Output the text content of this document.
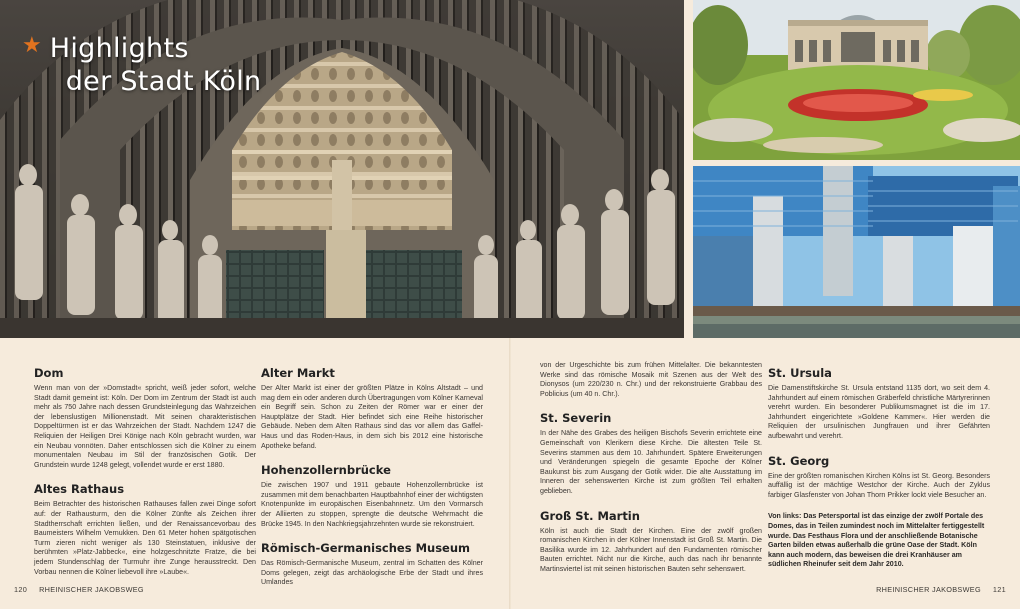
★ Highlights
der Stadt Köln
Dom

Wenn man von der »Domstadt« spricht, weiß jeder sofort, welche Stadt damit gemeint ist: Köln. Der Dom im Zentrum der Stadt ist auch mehr als 750 Jahre nach dessen Grundsteinlegung das Wahrzeichen der lebenslustigen Millionenstadt. Mit seinen charakteristischen Doppeltürmen ist er das Wahrzeichen der Stadt. Nachdem 1247 die Reliquien der Heiligen Drei Könige nach Köln gebracht wurden, war ein Neubau vonnöten. Daher entschlossen sich die Kölner zu einem monumentalen Neubau im Stil der französischen Gotik. Der Grundstein wurde 1248 gelegt, vollendet wurde er erst 1880.

Altes Rathaus

Beim Betrachter des historischen Rathauses fallen zwei Dinge sofort auf: der Rathausturm, den die Kölner Zünfte als Zeichen ihrer Stadtherrschaft errichten ließen, und der Renaissancevorbau des Baumeisters Wilhelm Vernukken. Den 61 Meter hohen spätgotischen Turm zieren nicht weniger als 130 Steinstatuen, inklusive der berühmten »Platz-Jabbeck«, eine holzgeschnitzte Fratze, die bei jedem Stundenschlag der Turmuhr ihre Zunge herausstreckt. Den Vorbau nennen die Kölner liebevoll ihre »Laube«.

Alter Markt

Der Alter Markt ist einer der größten Plätze in Kölns Altstadt – und mag dem ein oder anderen durch Übertragungen vom Kölner Karneval ein Begriff sein. Schon zu Zeiten der Römer war er einer der Hauptplätze der Stadt. Hier befindet sich eine Reihe historischer Gebäude. Neben dem Alten Rathaus sind das vor allem das Gaffel-Haus und das Roden-Haus, in dem sich bis 2012 eine historische Apotheke befand.

Hohenzollernbrücke

Die zwischen 1907 und 1911 gebaute Hohenzollernbrücke ist zusammen mit dem benachbarten Hauptbahnhof einer der wichtigsten Knotenpunkte im europäischen Eisenbahnnetz. Um den Vormarsch der Alliierten zu stoppen, sprengte die deutsche Wehrmacht die Brücke 1945. In den Nachkriegsjahrzehnten wurde sie rekonstruiert.

Römisch-Germanisches Museum

Das Römisch-Germanische Museum, zentral im Schatten des Kölner Doms gelegen, zeigt das archäologische Erbe der Stadt und ihres Umlandes

von der Urgeschichte bis zum frühen Mittelalter. Die bekanntesten Werke sind das römische Mosaik mit Szenen aus der Welt des Dionysos (um 220/230 n. Chr.) und der rekonstruierte Grabbau des Poblicius (um 40 n. Chr.).

St. Severin

In der Nähe des Grabes des heiligen Bischofs Severin errichtete eine Gemeinschaft von Klerikern diese Kirche. Die ältesten Teile St. Severins stammen aus dem 10. Jahrhundert. Spätere Erweiterungen und Veränderungen spiegeln die gesamte Epoche der Kölner Baukunst bis zum Ausgang der Gotik wider. Die alte Ausstattung im Inneren der sehenswerten Kirche ist zum größten Teil erhalten geblieben.

Groß St. Martin

Köln ist auch die Stadt der Kirchen. Eine der zwölf großen romanischen Kirchen in der Kölner Innenstadt ist Groß St. Martin. Die Basilika wurde im 12. Jahrhundert auf den Fundamenten römischer Bauten errichtet. Nicht nur die Kirche, auch das nach ihr benannte Martinsviertel ist mit seinen historischen Bauten sehr sehenswert.

St. Ursula

Die Damenstiftskirche St. Ursula entstand 1135 dort, wo seit dem 4. Jahrhundert auf einem römischen Gräberfeld christliche Märtyrerinnen verehrt wurden. Ein besonderer Publikumsmagnet ist die im 17. Jahrhundert eingerichtete »Goldene Kammer«. Hier werden die Reliquien der ursulinischen Jungfrauen und ihrer Gefährten aufbewahrt und verehrt.

St. Georg

Eine der größten romanischen Kirchen Kölns ist St. Georg. Besonders auffällig ist der mächtige Westchor der Kirche. Auch der Zyklus farbiger Glasfenster von Johan Thorn Prikker lockt viele Besucher an.

Von links: Das Petersportal ist das einzige der zwölf Portale des Domes, das in Teilen zumindest noch im Mittelalter fertiggestellt wurde. Das Festhaus Flora und der anschließende Botanische Garten bilden etwas außerhalb die grüne Oase der Stadt. Köln kann auch modern, das beweisen die drei Kranhäuser am südlichen Rheinufer seit dem Jahr 2010.
120 RHEINISCHER JAKOBSWEG	RHEINISCHER JAKOBSWEG 121
